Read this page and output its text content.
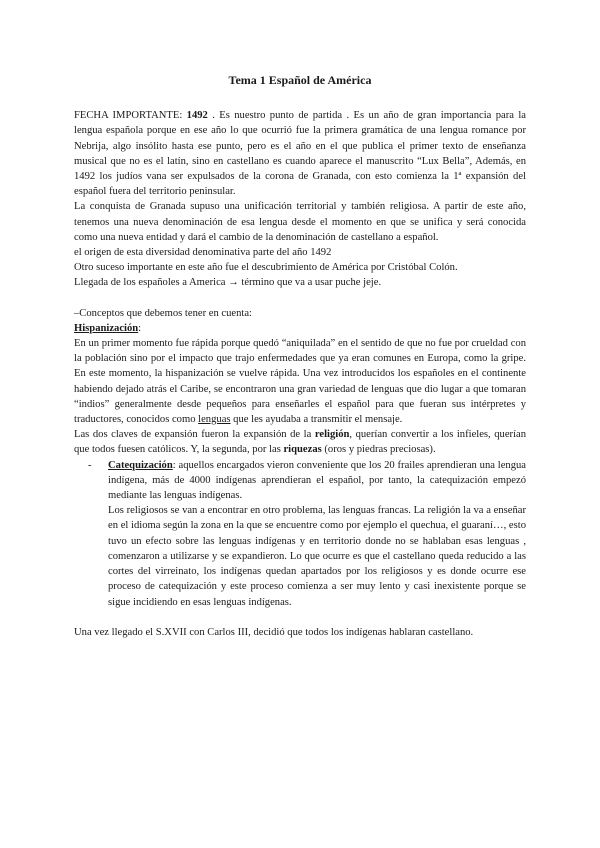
Tema 1 Español de América

FECHA IMPORTANTE: 1492 . Es nuestro punto de partida . Es un año de gran importancia para la lengua española porque en ese año lo que ocurrió fue la primera gramática de una lengua romance por Nebrija, algo insólito hasta ese punto, pero es el año en el que publica el primer texto de enseñanza musical que no es el latín, sino en castellano es cuando aparece el manuscrito “Lux Bella”, Además, en 1492 los judíos vana ser expulsados de la corona de Granada, con esto comienza la 1ª expansión del español fuera del territorio peninsular.

La conquista de Granada supuso una unificación territorial y también religiosa. A partir de este año, tenemos una nueva denominación de esa lengua desde el momento en que se unifica y será conocida como una nueva entidad y dará el cambio de la denominación de castellano a español.

el origen de esta diversidad denominativa parte del año 1492

Otro suceso importante en este año fue el descubrimiento de América por Cristóbal Colón.

Llegada de los españoles a America → término que va a usar puche jeje.

–Conceptos que debemos tener en cuenta:

Hispanización:

En un primer momento fue rápida porque quedó “aniquilada” en el sentido de que no fue por crueldad con la población sino por el impacto que trajo enfermedades que ya eran comunes en Europa, como la gripe. En este momento, la hispanización se vuelve rápida. Una vez introducidos los españoles en el continente habiendo dejado atrás el Caribe, se encontraron una gran variedad de lenguas que dio lugar a que tomaran “indios” generalmente desde pequeños para enseñarles el español para que fueran sus intérpretes y traductores, conocidos como lenguas que les ayudaba a transmitir el mensaje.

Las dos claves de expansión fueron la expansión de la religión, querían convertir a los infieles, querían que todos fuesen católicos. Y, la segunda, por las riquezas (oros y piedras preciosas).

-	Catequización: aquellos encargados vieron conveniente que los 20 frailes aprendieran una lengua indígena, más de 4000 indígenas aprendieran el español, por tanto, la catequización empezó mediante las lenguas indígenas.

Los religiosos se van a encontrar en otro problema, las lenguas francas. La religión la va a enseñar en el idioma según la zona en la que se encuentre como por ejemplo el quechua, el guaraní…, esto tuvo un efecto sobre las lenguas indígenas y en territorio donde no se hablaban esas lenguas , comenzaron a utilizarse y se expandieron. Lo que ocurre es que el castellano queda reducido a las cortes del virreinato, los indígenas quedan apartados por los religiosos y es donde ocurre ese proceso de catequización y este proceso comienza a ser muy lento y casi inexistente porque se sigue incidiendo en esas lenguas indígenas.

Una vez llegado el S.XVII con Carlos III, decidió que todos los indígenas hablaran castellano.
